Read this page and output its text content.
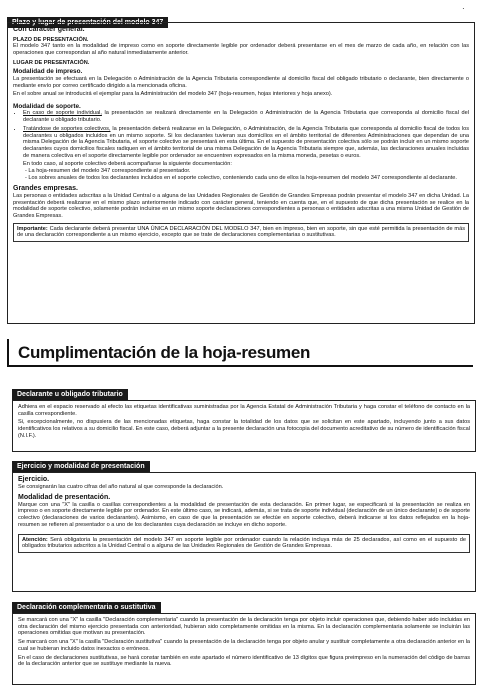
·
Plazo y lugar de presentación del modelo 347

Con carácter general.

PLAZO DE PRESENTACIÓN.

El modelo 347 tanto en la modalidad de impreso como en soporte directamente legible por ordenador deberá presentarse en el mes de marzo de cada año, en relación con las operaciones que correspondan al año natural inmediatamente anterior.

LUGAR DE PRESENTACIÓN.

Modalidad de impreso.

La presentación se efectuará en la Delegación o Administración de la Agencia Tributaria correspondiente al domicilio fiscal del obligado tributario o declarante, bien directamente o mediante envío por correo certificado dirigido a la mencionada oficina.

En el sobre anual se introducirá el ejemplar para la Administración del modelo 347 (hoja-resumen, hojas interiores y hoja anexo).

Modalidad de soporte.

• En caso de soporte individual, la presentación se realizará directamente en la Delegación o Administración de la Agencia Tributaria que corresponda al domicilio fiscal del declarante u obligado tributario.
• Tratándose de soportes colectivos, la presentación deberá realizarse en la Delegación, o Administración, de la Agencia Tributaria que corresponda al domicilio fiscal de todos los declarantes u obligados incluidos en un mismo soporte. Si los declarantes tuvieran sus domicilios en el ámbito territorial de diferentes Administraciones que dependan de una misma Delegación de la Agencia Tributaria, el soporte colectivo se presentará en esta última. En el supuesto de presentación colectiva sólo se podrán incluir en un mismo soporte declarantes cuyos domicilios fiscales radiquen en el ámbito territorial de una misma Delegación de la Agencia Tributaria siempre que, además, las declaraciones anuales incluidas de manera colectiva en el soporte directamente legible por ordenador se encuentren expresados en la misma moneda, pesetas o euros.

En todo caso, al soporte colectivo deberá acompañarse la siguiente documentación:

- La hoja-resumen del modelo 347 correspondiente al presentador.

- Los sobres anuales de todos los declarantes incluidos en el soporte colectivo, conteniendo cada uno de ellos la hoja-resumen del modelo 347 correspondiente al declarante.

Grandes empresas.

Las personas o entidades adscritas a la Unidad Central o a alguna de las Unidades Regionales de Gestión de Grandes Empresas podrán presentar el modelo 347 en dicha Unidad. La presentación deberá realizarse en el mismo plazo anteriormente indicado con carácter general, teniendo en cuenta que, en el supuesto de que dicha presentación se realice en la modalidad de soporte colectivo, solamente podrán incluirse en un mismo soporte declaraciones correspondientes a personas o entidades adscritas a una misma Unidad de Gestión de Grandes Empresas.

Importante: Cada declarante deberá presentar UNA ÚNICA DECLARACIÓN DEL MODELO 347, bien en impreso, bien en soporte, sin que esté permitida la presentación de más de una declaración correspondiente a un mismo ejercicio, excepto que se trate de declaraciones complementarias o sustitutivas.

Cumplimentación de la hoja-resumen
Declarante u obligado tributario

Adhiera en el espacio reservado al efecto las etiquetas identificativas suministradas por la Agencia Estatal de Administración Tributaria y haga constar el teléfono de contacto en la casilla correspondiente.

Si, excepcionalmente, no dispusiera de las mencionadas etiquetas, haga constar la totalidad de los datos que se solicitan en este apartado, incluyendo junto a sus datos identificativos los relativos a su domicilio fiscal. En este caso, deberá adjuntar a la presente declaración una fotocopia del documento acreditativo de su número de identificación fiscal (N.I.F.).

Ejercicio y modalidad de presentación

Ejercicio.

Se consignarán las cuatro cifras del año natural al que corresponde la declaración.

Modalidad de presentación.

Marque con una "X" la casilla o casillas correspondientes a la modalidad de presentación de esta declaración. En primer lugar, se especificará si la presentación se realiza en impreso o en soporte directamente legible por ordenador. En este último caso, se indicará, además, si se trata de soporte individual (declaración de un único declarante) o de soporte colectivo (declaraciones de varios declarantes). Asimismo, en caso de que la presentación se efectúe en soporte colectivo, deberá indicarse si los datos reflejados en la hoja-resumen se refieren al presentador o a uno de los declarantes cuya declaración se incluye en dicho soporte.

Atención: Será obligatoria la presentación del modelo 347 en soporte legible por ordenador cuando la relación incluya más de 25 declarados, así como en el supuesto de obligados tributarios adscritos a la Unidad Central o a alguna de las Unidades Regionales de Gestión de Grandes Empresas.

Declaración complementaria o sustitutiva

Se marcará con una "X" la casilla "Declaración complementaria" cuando la presentación de la declaración tenga por objeto incluir operaciones que, debiendo haber sido incluidas en otra declaración del mismo ejercicio presentada con anterioridad, hubieran sido completamente omitidas en la misma. En la declaración complementaria solamente se incluirán las operaciones omitidas que motivan su presentación.

Se marcará con una "X" la casilla "Declaración sustitutiva" cuando la presentación de la declaración tenga por objeto anular y sustituir completamente a otra declaración anterior en la cual se hubieran incluido datos inexactos o erróneos.

En el caso de declaraciones sustitutivas, se hará constar también en este apartado el número identificativo de 13 dígitos que figura preimpreso en la numeración del código de barras de la declaración anterior que se sustituye mediante la nueva.
